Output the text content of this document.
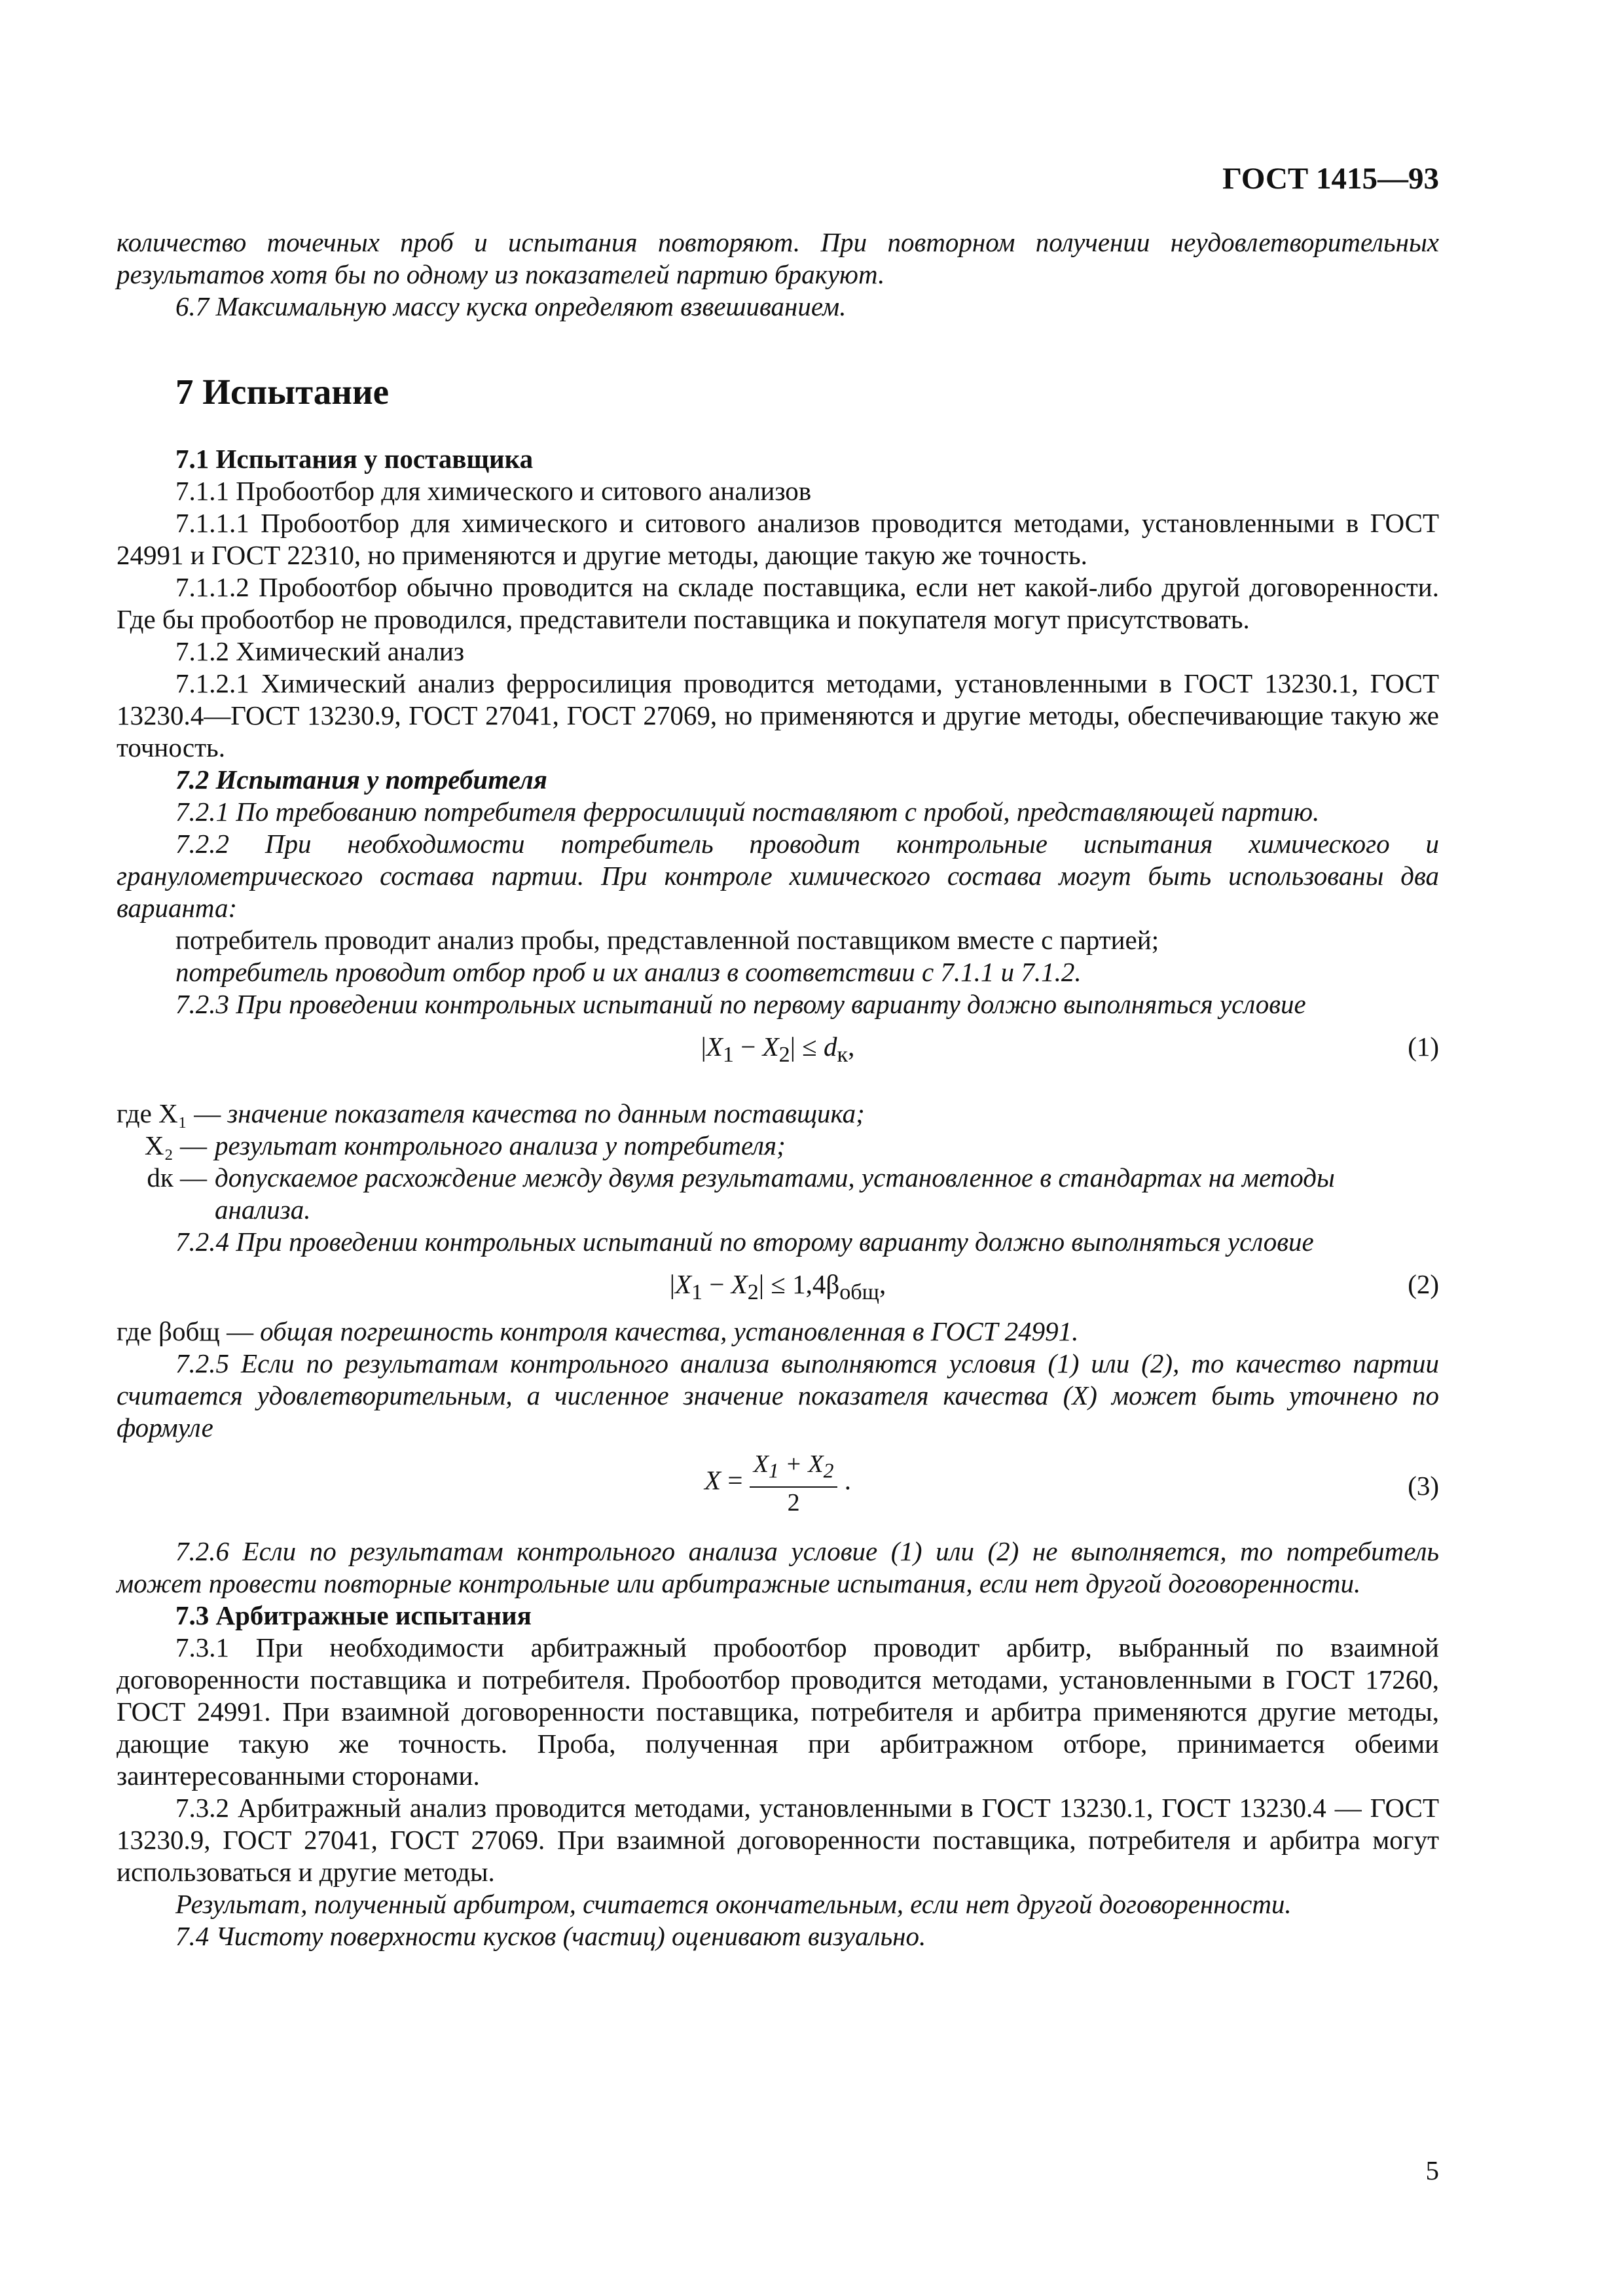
ГОСТ 1415—93

количество точечных проб и испытания повторяют. При повторном получении неудовлетворительных результатов хотя бы по одному из показателей партию бракуют.

6.7 Максимальную массу куска определяют взвешиванием.

7 Испытание

7.1 Испытания у поставщика

7.1.1 Пробоотбор для химического и ситового анализов

7.1.1.1 Пробоотбор для химического и ситового анализов проводится методами, установленными в ГОСТ 24991 и ГОСТ 22310, но применяются и другие методы, дающие такую же точность.

7.1.1.2 Пробоотбор обычно проводится на складе поставщика, если нет какой-либо другой договоренности. Где бы пробоотбор не проводился, представители поставщика и покупателя могут присутствовать.

7.1.2 Химический анализ

7.1.2.1 Химический анализ ферросилиция проводится методами, установленными в ГОСТ 13230.1, ГОСТ 13230.4—ГОСТ 13230.9, ГОСТ 27041, ГОСТ 27069, но применяются и другие методы, обеспечивающие такую же точность.

7.2 Испытания у потребителя

7.2.1 По требованию потребителя ферросилиций поставляют с пробой, представляющей партию.

7.2.2 При необходимости потребитель проводит контрольные испытания химического и гранулометрического состава партии. При контроле химического состава могут быть использованы два варианта:

потребитель проводит анализ пробы, представленной поставщиком вместе с партией;

потребитель проводит отбор проб и их анализ в соответствии с 7.1.1 и 7.1.2.

7.2.3 При проведении контрольных испытаний по первому варианту должно выполняться условие

$|X_1 - X_2| \le d_к$,	(1)
где X₁ — значение показателя качества по данным поставщика;
X₂ — результат контрольного анализа у потребителя;
dк — допускаемое расхождение между двумя результатами, установленное в стандартах на методы анализа.

7.2.4 При проведении контрольных испытаний по второму варианту должно выполняться условие

$|X_1 - X_2| \le 1,4\beta_{общ}$,	(2)
где βобщ — общая погрешность контроля качества, установленная в ГОСТ 24991.

7.2.5 Если по результатам контрольного анализа выполняются условия (1) или (2), то качество партии считается удовлетворительным, а численное значение показателя качества (X) может быть уточнено по формуле

$X = \frac{X_1 + X_2}{2}$ .	(3)

7.2.6 Если по результатам контрольного анализа условие (1) или (2) не выполняется, то потребитель может провести повторные контрольные или арбитражные испытания, если нет другой договоренности.

7.3 Арбитражные испытания

7.3.1 При необходимости арбитражный пробоотбор проводит арбитр, выбранный по взаимной договоренности поставщика и потребителя. Пробоотбор проводится методами, установленными в ГОСТ 17260, ГОСТ 24991. При взаимной договоренности поставщика, потребителя и арбитра применяются другие методы, дающие такую же точность. Проба, полученная при арбитражном отборе, принимается обеими заинтересованными сторонами.

7.3.2 Арбитражный анализ проводится методами, установленными в ГОСТ 13230.1, ГОСТ 13230.4 — ГОСТ 13230.9, ГОСТ 27041, ГОСТ 27069. При взаимной договоренности поставщика, потребителя и арбитра могут использоваться и другие методы.

Результат, полученный арбитром, считается окончательным, если нет другой договоренности.

7.4 Чистоту поверхности кусков (частиц) оценивают визуально.

5
